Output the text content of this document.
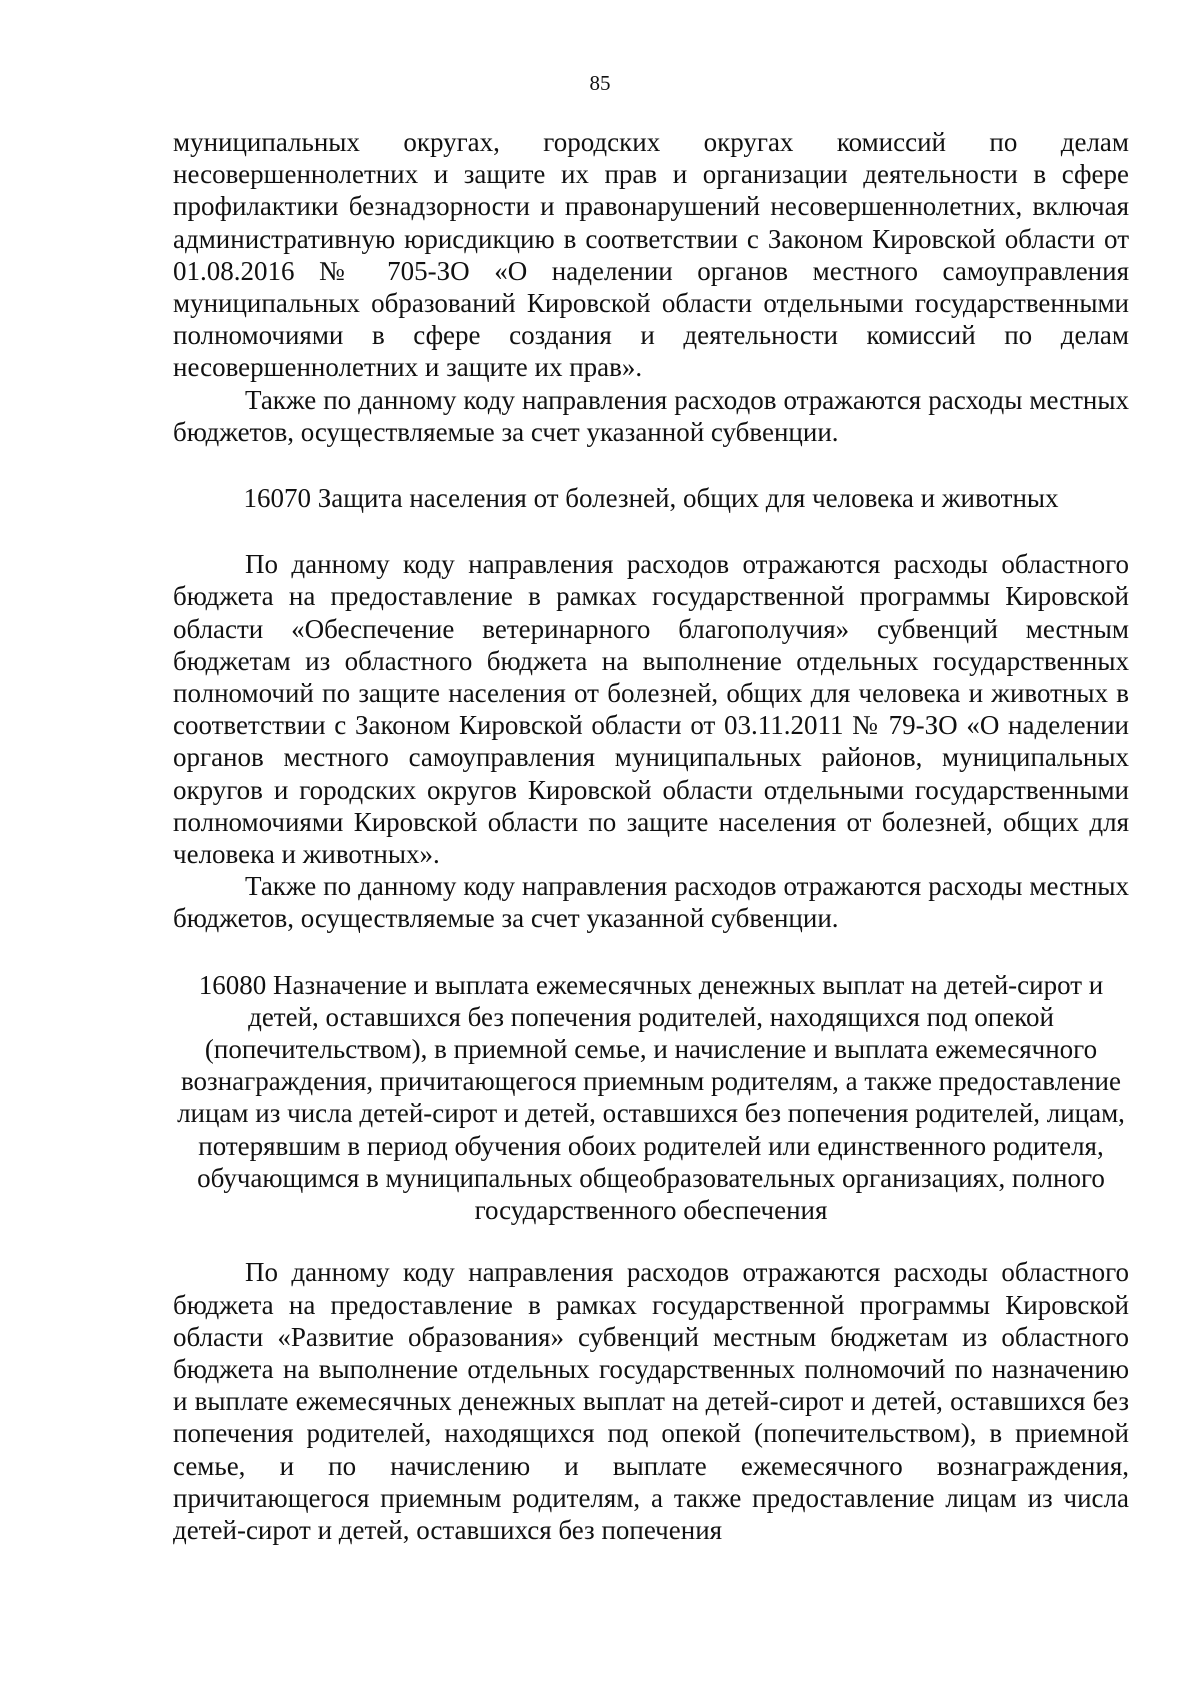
85

муниципальных округах, городских округах комиссий по делам несовершеннолетних и защите их прав и организации деятельности в сфере профилактики безнадзорности и правонарушений несовершеннолетних, включая административную юрисдикцию в соответствии с Законом Кировской области от 01.08.2016 № 705-ЗО «О наделении органов местного самоуправления муниципальных образований Кировской области отдельными государственными полномочиями в сфере создания и деятельности комиссий по делам несовершеннолетних и защите их прав».

Также по данному коду направления расходов отражаются расходы местных бюджетов, осуществляемые за счет указанной субвенции.

16070 Защита населения от болезней, общих для человека и животных

По данному коду направления расходов отражаются расходы областного бюджета на предоставление в рамках государственной программы Кировской области «Обеспечение ветеринарного благополучия» субвенций местным бюджетам из областного бюджета на выполнение отдельных государственных полномочий по защите населения от болезней, общих для человека и животных в соответствии с Законом Кировской области от 03.11.2011 № 79-ЗО «О наделении органов местного самоуправления муниципальных районов, муниципальных округов и городских округов Кировской области отдельными государственными полномочиями Кировской области по защите населения от болезней, общих для человека и животных».

Также по данному коду направления расходов отражаются расходы местных бюджетов, осуществляемые за счет указанной субвенции.

16080 Назначение и выплата ежемесячных денежных выплат на детей-сирот и детей, оставшихся без попечения родителей, находящихся под опекой (попечительством), в приемной семье, и начисление и выплата ежемесячного вознаграждения, причитающегося приемным родителям, а также предоставление лицам из числа детей-сирот и детей, оставшихся без попечения родителей, лицам, потерявшим в период обучения обоих родителей или единственного родителя, обучающимся в муниципальных общеобразовательных организациях, полного государственного обеспечения

По данному коду направления расходов отражаются расходы областного бюджета на предоставление в рамках государственной программы Кировской области «Развитие образования» субвенций местным бюджетам из областного бюджета на выполнение отдельных государственных полномочий по назначению и выплате ежемесячных денежных выплат на детей-сирот и детей, оставшихся без попечения родителей, находящихся под опекой (попечительством), в приемной семье, и по начислению и выплате ежемесячного вознаграждения, причитающегося приемным родителям, а также предоставление лицам из числа детей-сирот и детей, оставшихся без попечения
